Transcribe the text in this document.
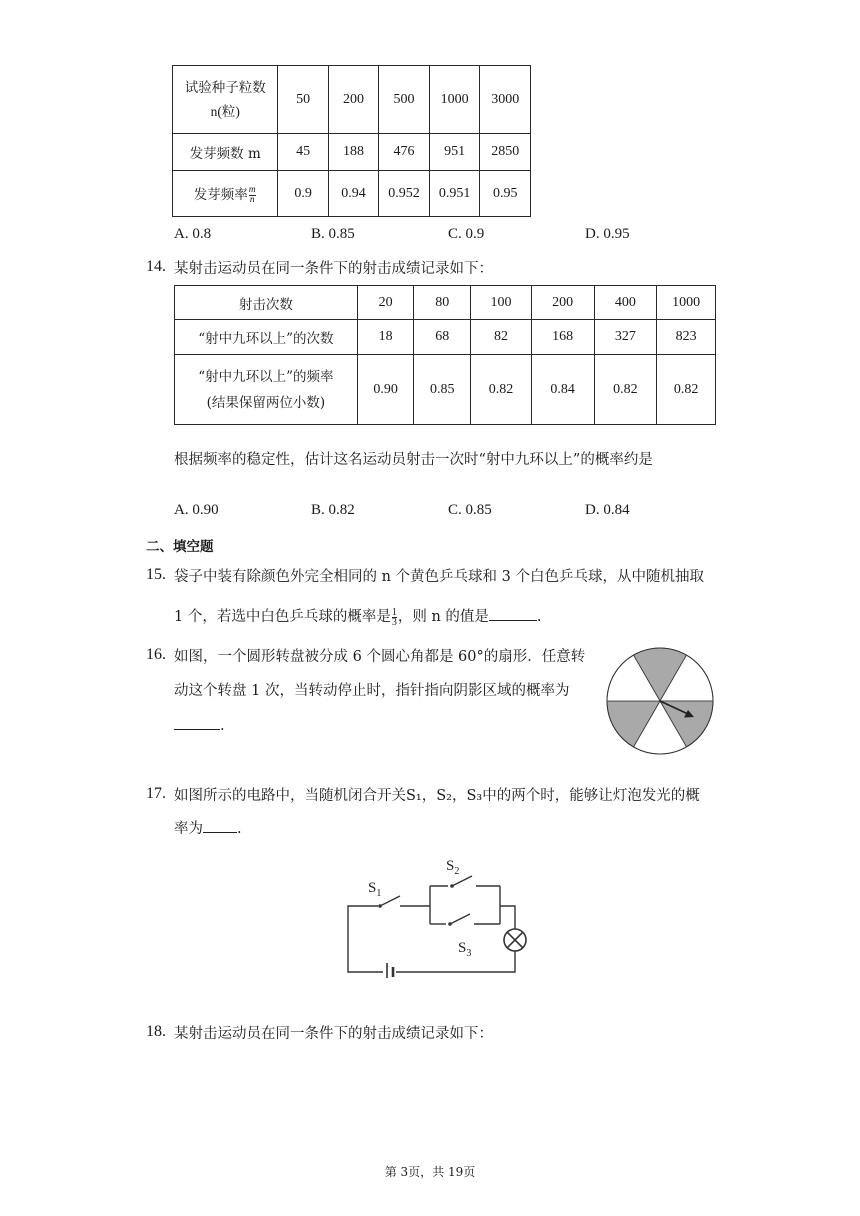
试验种子粒数
n(粒)	50	200	500	1000	3000
发芽频数 m	45	188	476	951	2850
发芽频率 $\frac{m}{n}$	0.9	0.94	0.952	0.951	0.95
A. 0.8	B. 0.85	C. 0.9	D. 0.95
14. 某射击运动员在同一条件下的射击成绩记录如下：
射击次数	20	80	100	200	400	1000
“射中九环以上”的次数	18	68	82	168	327	823

“射中九环以上”的频率
(结果保留两位小数)	0.90	0.85	0.82	0.84	0.82	0.82
根据频率的稳定性，估计这名运动员射击一次时“射中九环以上”的概率约是
A. 0.90	B. 0.82	C. 0.85	D. 0.84
二、填空题
15. 袋子中装有除颜色外完全相同的 n 个黄色乒乓球和 3 个白色乒乓球，从中随机抽取
1 个，若选中白色乒乓球的概率是 $\frac{1}{3}$ ，则 n 的值是	.
16. 如图，一个圆形转盘被分成 6 个圆心角都是 60°的扇形．任意转
动这个转盘 1 次，当转动停止时，指针指向阴影区域的概率为
.
17. 如图所示的电路中，当随机闭合开关S₁，S₂，S₃中的两个时，能够让灯泡发光的概
率为 .
$S_1$
$S_2$
$S_3$
18. 某射击运动员在同一条件下的射击成绩记录如下：
第 3页，共 19页
